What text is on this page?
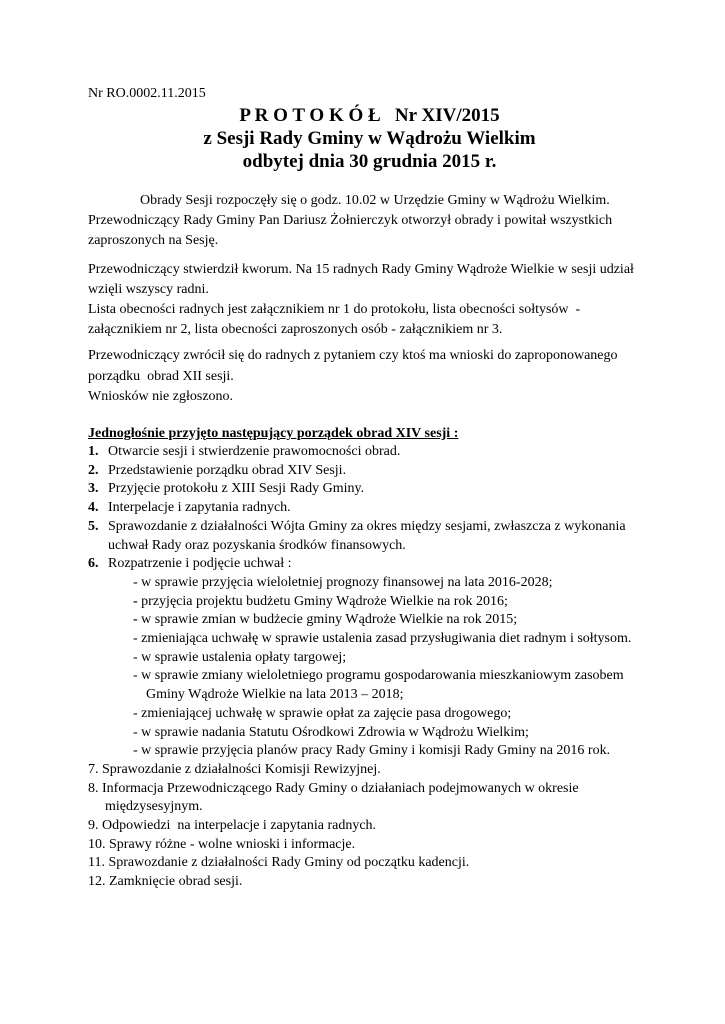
Nr RO.0002.11.2015
P R O T O K Ó Ł   Nr XIV/2015
z Sesji Rady Gminy w Wądrożu Wielkim
odbytej dnia 30 grudnia 2015 r.
Obrady Sesji rozpoczęły się o godz. 10.02 w Urzędzie Gminy w Wądrożu Wielkim.
Przewodniczący Rady Gminy Pan Dariusz Żołnierczyk otworzył obrady i powitał wszystkich
zaproszonych na Sesję.
Przewodniczący stwierdził kworum. Na 15 radnych Rady Gminy Wądroże Wielkie w sesji udział
wzięli wszyscy radni.
Lista obecności radnych jest załącznikiem nr 1 do protokołu, lista obecności sołtysów  -
załącznikiem nr 2, lista obecności zaproszonych osób - załącznikiem nr 3.
Przewodniczący zwrócił się do radnych z pytaniem czy ktoś ma wnioski do zaproponowanego
porządku  obrad XII sesji.
Wniosków nie zgłoszono.
Jednogłośnie przyjęto następujący porządek obrad XIV sesji :
1. Otwarcie sesji i stwierdzenie prawomocności obrad.
2. Przedstawienie porządku obrad XIV Sesji.
3. Przyjęcie protokołu z XIII Sesji Rady Gminy.
4. Interpelacje i zapytania radnych.
5. Sprawozdanie z działalności Wójta Gminy za okres między sesjami, zwłaszcza z wykonania
uchwał Rady oraz pozyskania środków finansowych.
6. Rozpatrzenie i podjęcie uchwał :
- w sprawie przyjęcia wieloletniej prognozy finansowej na lata 2016-2028;
- przyjęcia projektu budżetu Gminy Wądroże Wielkie na rok 2016;
- w sprawie zmian w budżecie gminy Wądroże Wielkie na rok 2015;
- zmieniająca uchwałę w sprawie ustalenia zasad przysługiwania diet radnym i sołtysom.
- w sprawie ustalenia opłaty targowej;
- w sprawie zmiany wieloletniego programu gospodarowania mieszkaniowym zasobem
Gminy Wądroże Wielkie na lata 2013 – 2018;
- zmieniającej uchwałę w sprawie opłat za zajęcie pasa drogowego;
- w sprawie nadania Statutu Ośrodkowi Zdrowia w Wądrożu Wielkim;
- w sprawie przyjęcia planów pracy Rady Gminy i komisji Rady Gminy na 2016 rok.
7. Sprawozdanie z działalności Komisji Rewizyjnej.
8. Informacja Przewodniczącego Rady Gminy o działaniach podejmowanych w okresie
międzysesyjnym.
9. Odpowiedzi  na interpelacje i zapytania radnych.
10. Sprawy różne - wolne wnioski i informacje.
11. Sprawozdanie z działalności Rady Gminy od początku kadencji.
12. Zamknięcie obrad sesji.
